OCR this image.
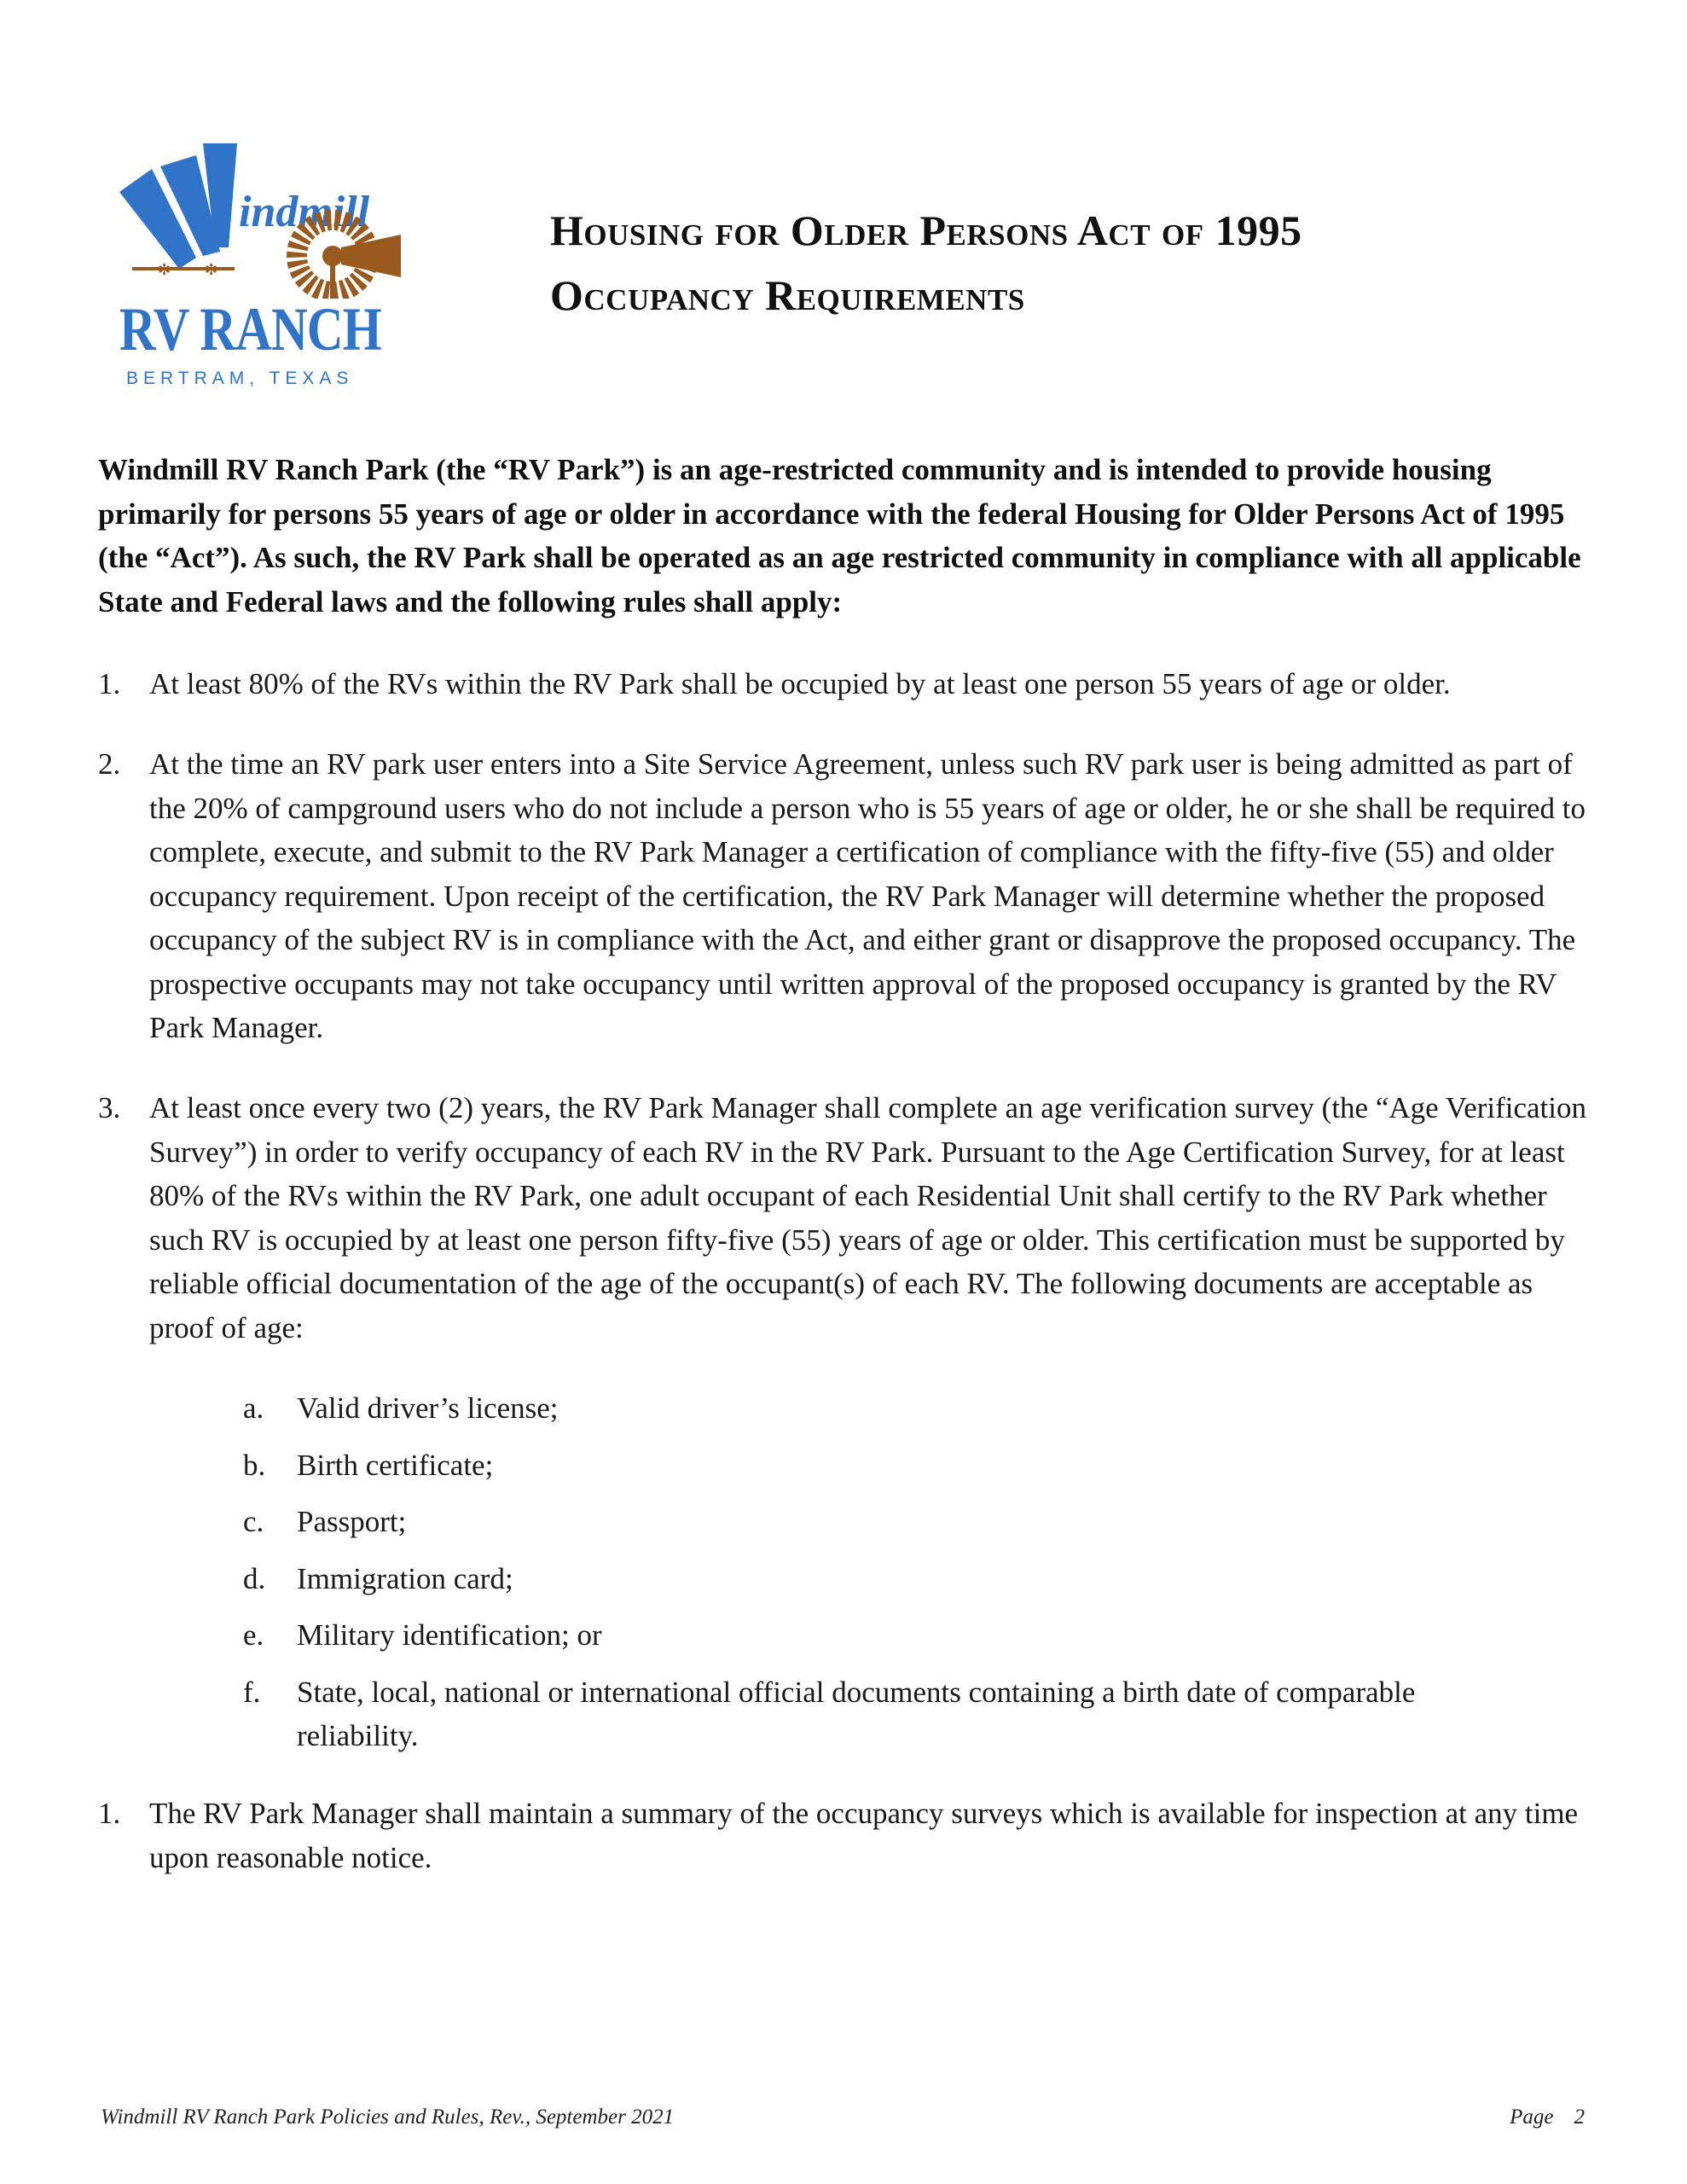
indmill
✻ ✻
RV RANCH
BERTRAM, TEXAS
Housing for Older Persons Act of 1995
Occupancy Requirements
Windmill RV Ranch Park (the “RV Park”) is an age-restricted community and is intended to provide housing primarily for persons 55 years of age or older in accordance with the federal Housing for Older Persons Act of 1995 (the “Act”). As such, the RV Park shall be operated as an age restricted community in compliance with all applicable State and Federal laws and the following rules shall apply:
1. At least 80% of the RVs within the RV Park shall be occupied by at least one person 55 years of age or older.
2. At the time an RV park user enters into a Site Service Agreement, unless such RV park user is being admitted as part of the 20% of campground users who do not include a person who is 55 years of age or older, he or she shall be required to complete, execute, and submit to the RV Park Manager a certification of compliance with the fifty-five (55) and older occupancy requirement. Upon receipt of the certification, the RV Park Manager will determine whether the proposed occupancy of the subject RV is in compliance with the Act, and either grant or disapprove the proposed occupancy. The prospective occupants may not take occupancy until written approval of the proposed occupancy is granted by the RV Park Manager.
3. At least once every two (2) years, the RV Park Manager shall complete an age verification survey (the “Age Verification Survey”) in order to verify occupancy of each RV in the RV Park. Pursuant to the Age Certification Survey, for at least 80% of the RVs within the RV Park, one adult occupant of each Residential Unit shall certify to the RV Park whether such RV is occupied by at least one person fifty-five (55) years of age or older. This certification must be supported by reliable official documentation of the age of the occupant(s) of each RV. The following documents are acceptable as proof of age:
a. Valid driver’s license;
b. Birth certificate;
c. Passport;
d. Immigration card;
e. Military identification; or
f. State, local, national or international official documents containing a birth date of comparable reliability.
1. The RV Park Manager shall maintain a summary of the occupancy surveys which is available for inspection at any time upon reasonable notice.
Windmill RV Ranch Park Policies and Rules, Rev., September 2021	Page 2
